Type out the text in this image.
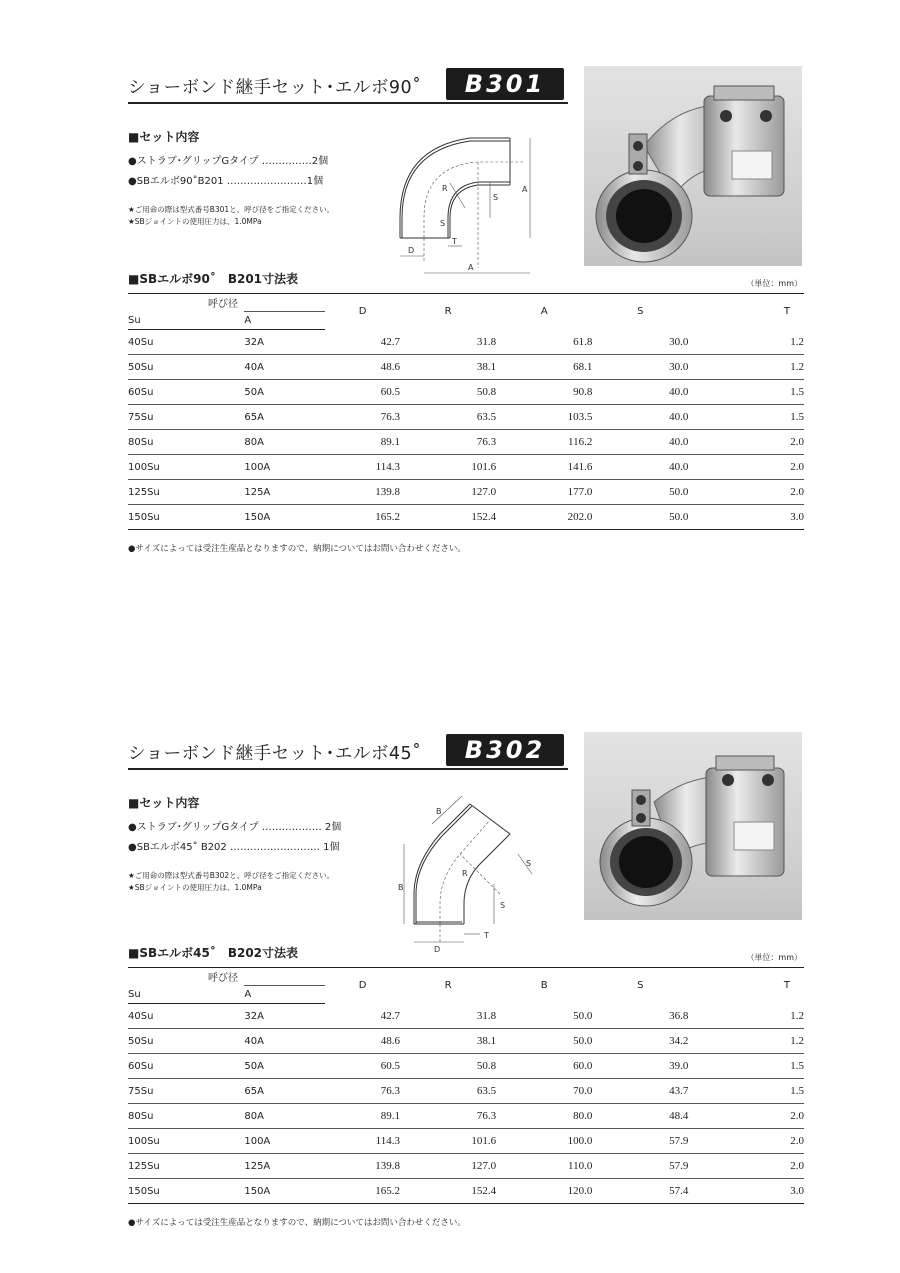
ショーボンド継手セット･エルボ90˚	B301
■セット内容
●ストラブ･グリップGタイプ ……………2個
●SBエルボ90˚B201 ……………………1個
★ご用命の際は型式番号B301と、呼び径をご指定ください。
★SBジョイントの使用圧力は、1.0MPa
R
S
A
D
T
A
S
■SBエルボ90˚　B201寸法表	（単位：mm）
呼び径		D	R	A	S	T
Su	A					
40Su	32A	42.7	31.8	61.8	30.0	1.2
50Su	40A	48.6	38.1	68.1	30.0	1.2
60Su	50A	60.5	50.8	90.8	40.0	1.5
75Su	65A	76.3	63.5	103.5	40.0	1.5
80Su	80A	89.1	76.3	116.2	40.0	2.0
100Su	100A	114.3	101.6	141.6	40.0	2.0
125Su	125A	139.8	127.0	177.0	50.0	2.0
150Su	150A	165.2	152.4	202.0	50.0	3.0
●サイズによっては受注生産品となりますので、納期についてはお問い合わせください。
ショーボンド継手セット･エルボ45˚	B302
■セット内容
●ストラブ･グリップGタイプ ……………… 2個
●SBエルボ45˚ B202 ……………………… 1個
★ご用命の際は型式番号B302と、呼び径をご指定ください。
★SBジョイントの使用圧力は、1.0MPa
B
R
S
B
S
D
T
■SBエルボ45˚　B202寸法表	（単位：mm）
呼び径		D	R	B	S	T
Su	A					
40Su	32A	42.7	31.8	50.0	36.8	1.2
50Su	40A	48.6	38.1	50.0	34.2	1.2
60Su	50A	60.5	50.8	60.0	39.0	1.5
75Su	65A	76.3	63.5	70.0	43.7	1.5
80Su	80A	89.1	76.3	80.0	48.4	2.0
100Su	100A	114.3	101.6	100.0	57.9	2.0
125Su	125A	139.8	127.0	110.0	57.9	2.0
150Su	150A	165.2	152.4	120.0	57.4	3.0
●サイズによっては受注生産品となりますので、納期についてはお問い合わせください。
